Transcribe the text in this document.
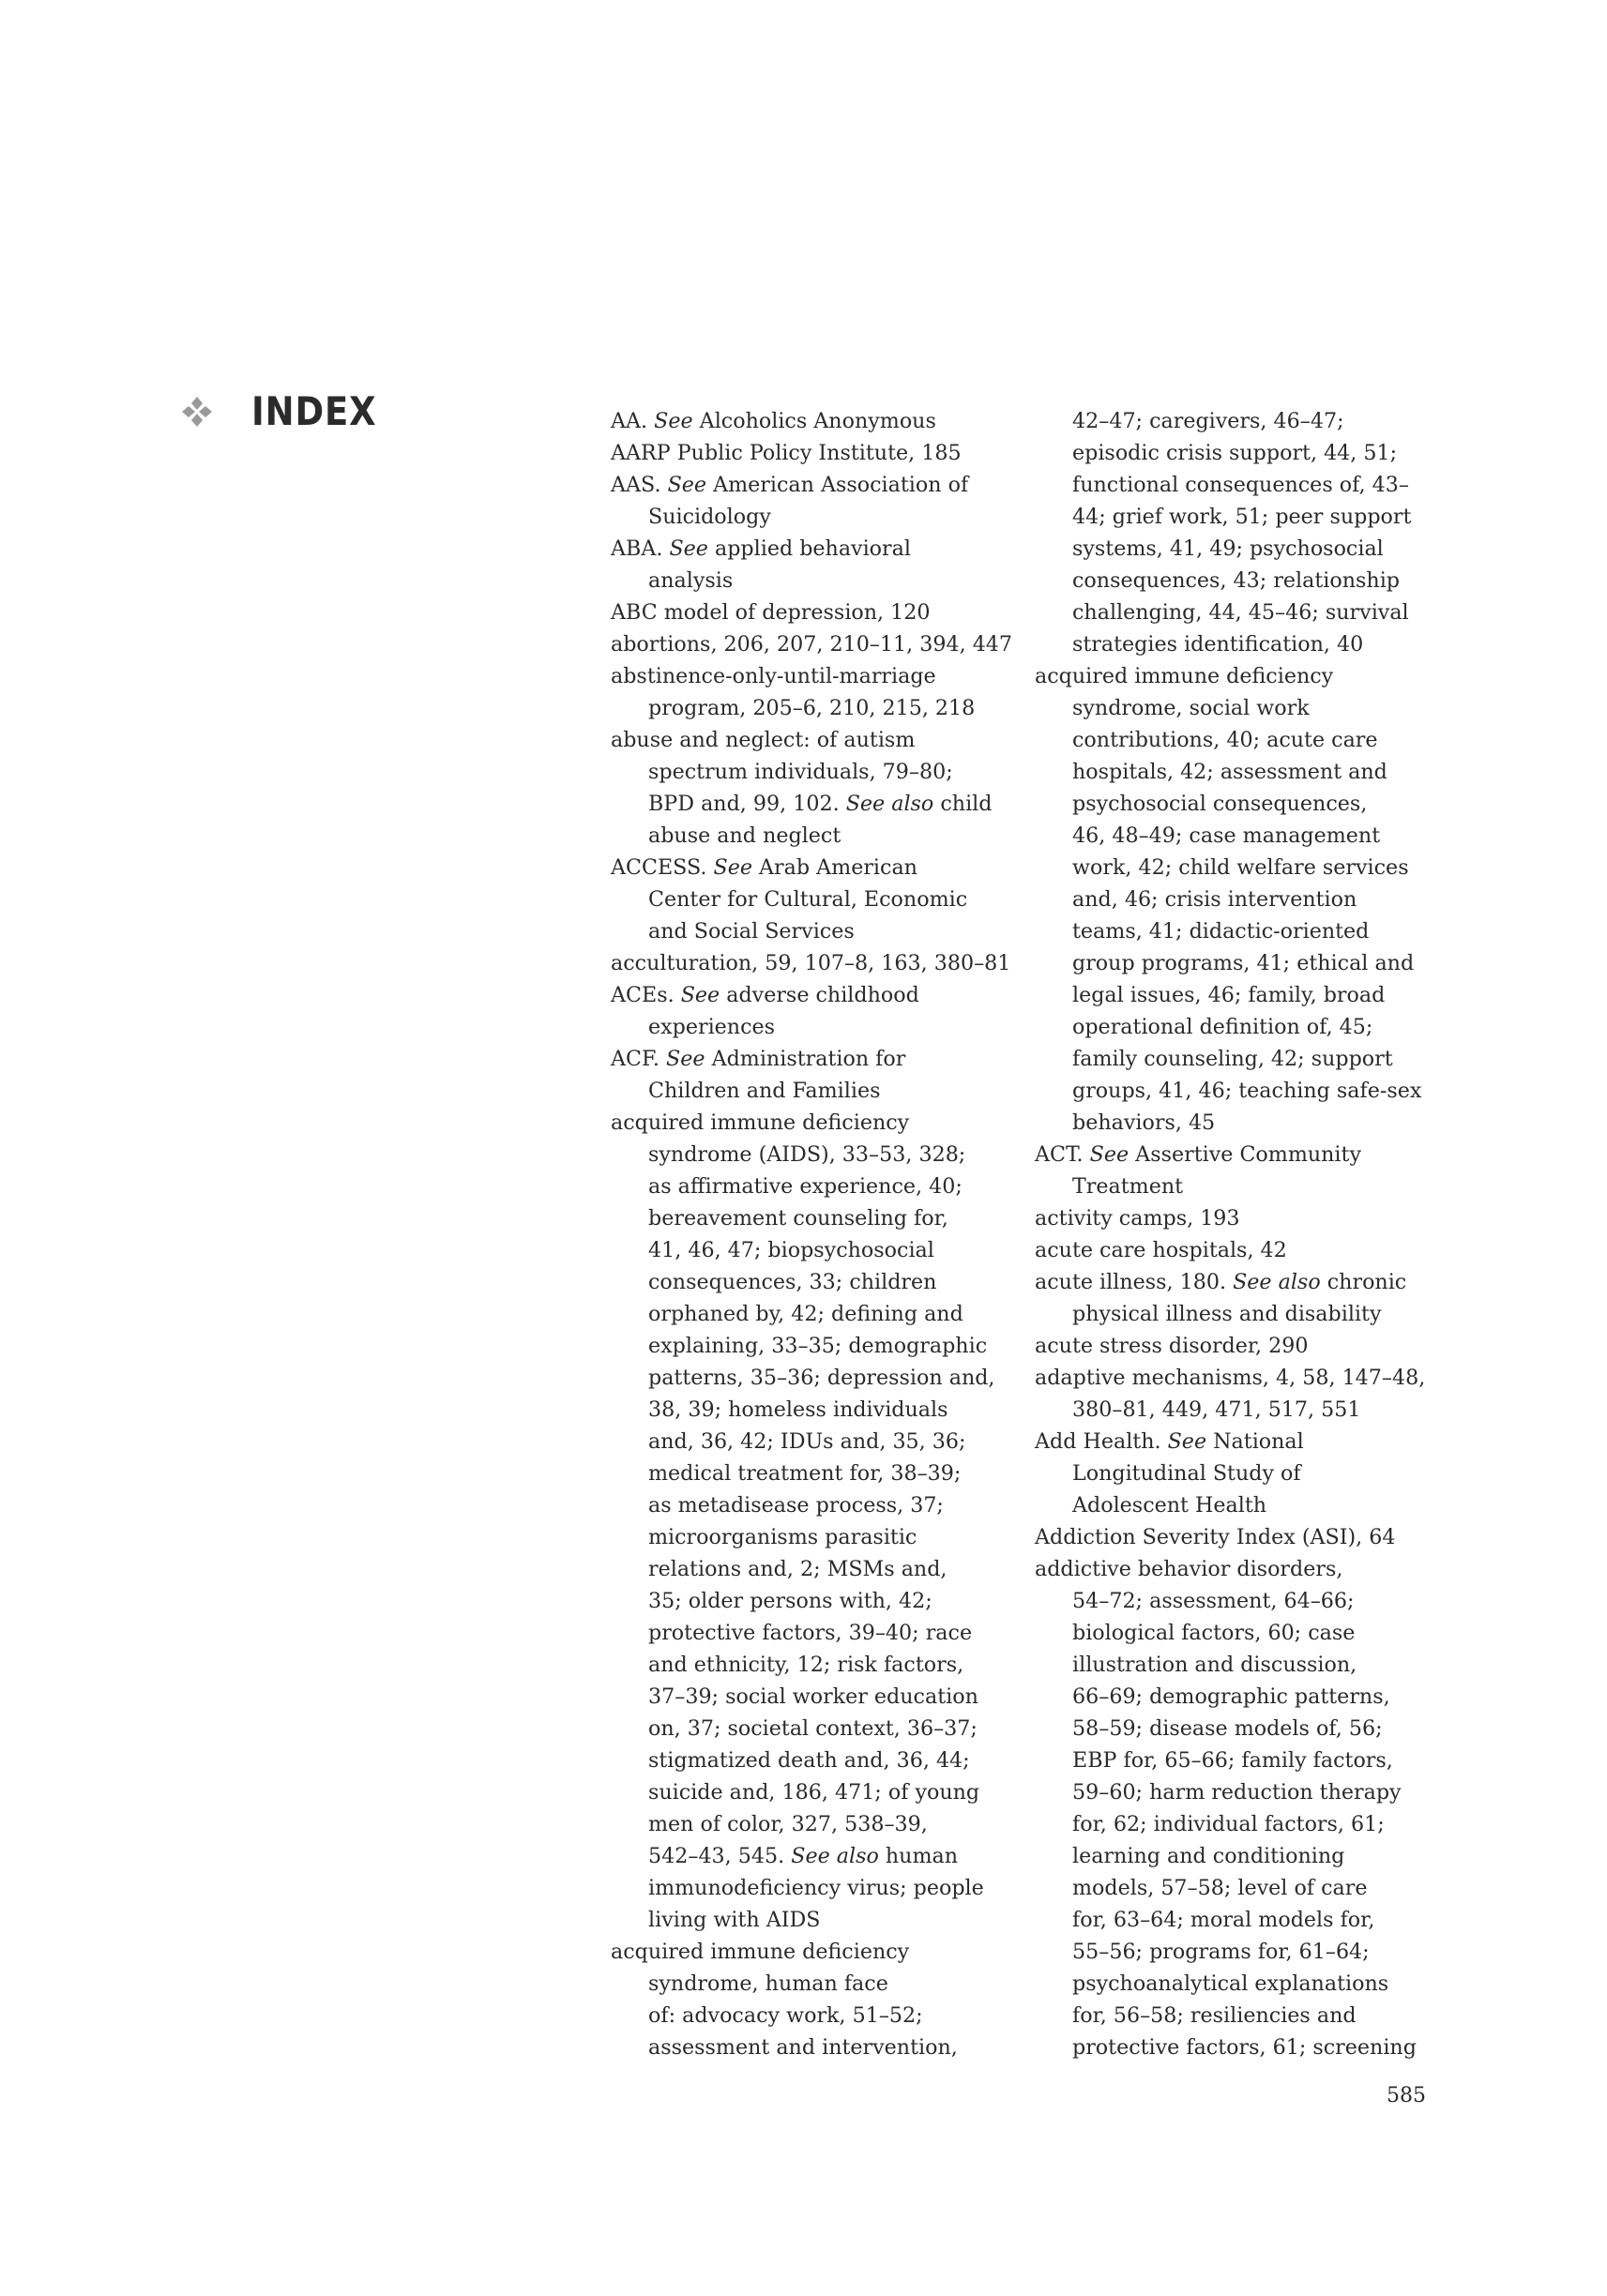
INDEX	AA. See Alcoholics Anonymous
AARP Public Policy Institute, 185
AAS. See American Association of
Suicidology
ABA. See applied behavioral
analysis
ABC model of depression, 120
abortions, 206, 207, 210–11, 394, 447
abstinence-only-until-marriage
program, 205–6, 210, 215, 218
abuse and neglect: of autism
spectrum individuals, 79–80;
BPD and, 99, 102. See also child
abuse and neglect
ACCESS. See Arab American
Center for Cultural, Economic
and Social Services
acculturation, 59, 107–8, 163, 380–81
ACEs. See adverse childhood
experiences
ACF. See Administration for
Children and Families
acquired immune deficiency
syndrome (AIDS), 33–53, 328;
as affirmative experience, 40;
bereavement counseling for,
41, 46, 47; biopsychosocial
consequences, 33; children
orphaned by, 42; defining and
explaining, 33–35; demographic
patterns, 35–36; depression and,
38, 39; homeless individuals
and, 36, 42; IDUs and, 35, 36;
medical treatment for, 38–39;
as metadisease process, 37;
microorganisms parasitic
relations and, 2; MSMs and,
35; older persons with, 42;
protective factors, 39–40; race
and ethnicity, 12; risk factors,
37–39; social worker education
on, 37; societal context, 36–37;
stigmatized death and, 36, 44;
suicide and, 186, 471; of young
men of color, 327, 538–39,
542–43, 545. See also human
immunodeficiency virus; people
living with AIDS
acquired immune deficiency
syndrome, human face
of: advocacy work, 51–52;
assessment and intervention,
42–47; caregivers, 46–47;
episodic crisis support, 44, 51;
functional consequences of, 43–
44; grief work, 51; peer support
systems, 41, 49; psychosocial
consequences, 43; relationship
challenging, 44, 45–46; survival
strategies identification, 40
acquired immune deficiency
syndrome, social work
contributions, 40; acute care
hospitals, 42; assessment and
psychosocial consequences,
46, 48–49; case management
work, 42; child welfare services
and, 46; crisis intervention
teams, 41; didactic-oriented
group programs, 41; ethical and
legal issues, 46; family, broad
operational definition of, 45;
family counseling, 42; support
groups, 41, 46; teaching safe-sex
behaviors, 45
ACT. See Assertive Community
Treatment
activity camps, 193
acute care hospitals, 42
acute illness, 180. See also chronic
physical illness and disability
acute stress disorder, 290
adaptive mechanisms, 4, 58, 147–48,
380–81, 449, 471, 517, 551
Add Health. See National
Longitudinal Study of
Adolescent Health
Addiction Severity Index (ASI), 64
addictive behavior disorders,
54–72; assessment, 64–66;
biological factors, 60; case
illustration and discussion,
66–69; demographic patterns,
58–59; disease models of, 56;
EBP for, 65–66; family factors,
59–60; harm reduction therapy
for, 62; individual factors, 61;
learning and conditioning
models, 57–58; level of care
for, 63–64; moral models for,
55–56; programs for, 61–64;
psychoanalytical explanations
for, 56–58; resiliencies and
protective factors, 61; screening
585
